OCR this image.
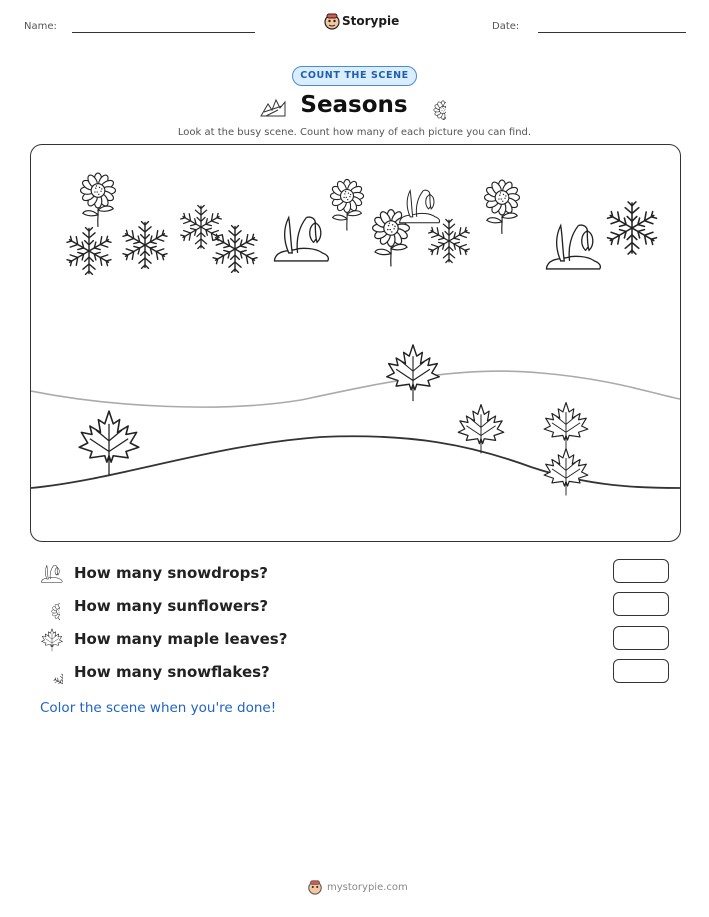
Name:	Storypie	Date:
COUNT THE SCENE
Seasons
Look at the busy scene. Count how many of each picture you can find.
How many snowdrops?
How many sunflowers?
How many maple leaves?
How many snowflakes?
Color the scene when you're done!
mystorypie.com
